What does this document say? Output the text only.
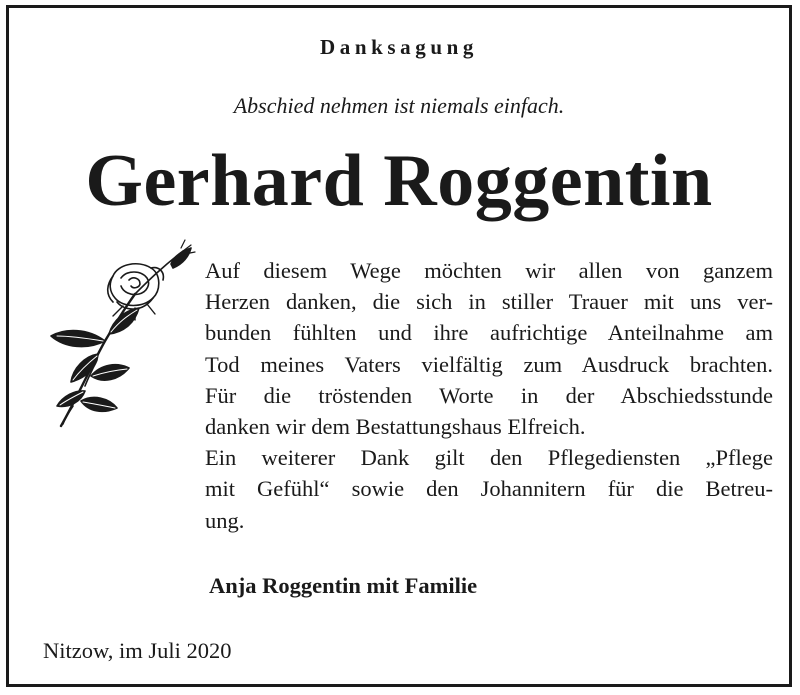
Danksagung

Abschied nehmen ist niemals einfach.

Gerhard Roggentin

Auf diesem Wege möchten wir allen von ganzem
Herzen danken, die sich in stiller Trauer mit uns ver-
bunden fühlten und ihre aufrichtige Anteilnahme am
Tod meines Vaters vielfältig zum Ausdruck brachten.
Für die tröstenden Worte in der Abschiedsstunde
danken wir dem Bestattungshaus Elfreich.
Ein weiterer Dank gilt den Pflegediensten „Pflege
mit Gefühl“ sowie den Johannitern für die Betreu-
ung.

Anja Roggentin mit Familie

Nitzow, im Juli 2020
